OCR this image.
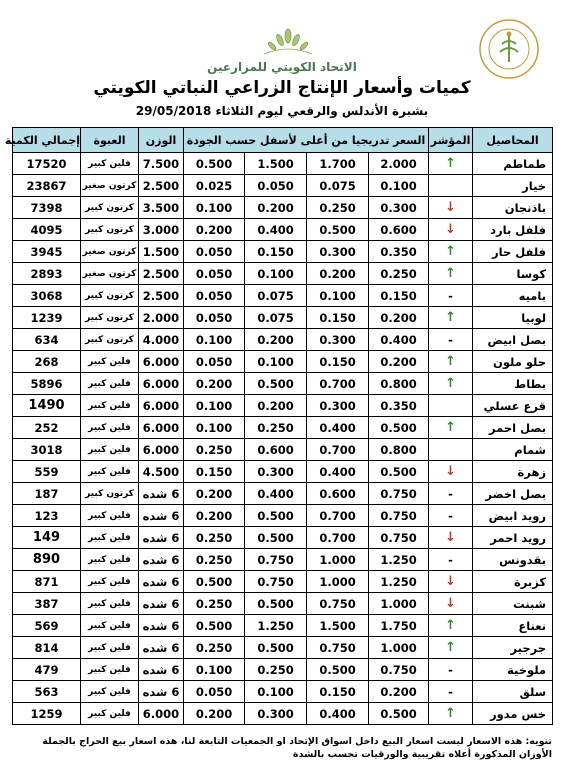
الاتحاد الكويتي للمزارعين
كميات وأسعار الإنتاج الزراعي النباتي الكويتي
بشبرة الأندلس والرقعي ليوم الثلاثاء 29/05/2018
المحاصيل	المؤشر	السعر تدريجيا من أعلى لأسفل حسب الجودة				الوزن	العبوة	إجمالي الكمية
طماطم	↑	2.000	1.700	1.500	0.500	7.500	فلين كبير	17520
خيار		0.100	0.075	0.050	0.025	2.500	كرتون صغير	23867
باذنجان	↓	0.300	0.250	0.200	0.100	3.500	كرتون كبير	7398
فلفل بارد	↓	0.600	0.500	0.400	0.200	3.000	كرتون كبير	4095
فلفل حار	↑	0.350	0.300	0.150	0.050	1.500	كرتون صغير	3945
كوسا	↑	0.250	0.200	0.100	0.050	2.500	كرتون صغير	2893
باميه	-	0.150	0.100	0.075	0.050	2.500	كرتون كبير	3068
لوبيا	↑	0.200	0.150	0.075	0.050	2.000	كرتون كبير	1239
بصل ابيض	-	0.400	0.300	0.200	0.100	4.000	كرتون كبير	634
حلو ملون	↑	0.200	0.150	0.100	0.050	6.000	فلين كبير	268
بطاط	↑	0.800	0.700	0.500	0.200	6.000	فلين كبير	5896
قرع عسلي		0.350	0.300	0.200	0.100	6.000	فلين كبير	1490
بصل احمر	↑	0.500	0.400	0.250	0.100	6.000	فلين كبير	252
شمام		0.800	0.700	0.600	0.250	6.000	فلين كبير	3018
زهرة	↓	0.500	0.400	0.300	0.150	4.500	فلين كبير	559
بصل اخضر	-	0.750	0.600	0.400	0.200	6 شده	كرتون كبير	187
رويد ابيض	-	0.750	0.700	0.500	0.200	6 شده	فلين كبير	123
رويد احمر	↓	0.750	0.700	0.500	0.250	6 شده	فلين كبير	149
بقدونس	-	1.250	1.000	0.750	0.250	6 شده	فلين كبير	890
كزبرة	↓	1.250	1.000	0.750	0.500	6 شده	فلين كبير	871
شبنت	↓	1.000	0.750	0.500	0.250	6 شده	فلين كبير	387
نعناع	↑	1.750	1.500	1.250	0.500	6 شده	فلين كبير	569
جرجير	↑	1.000	0.750	0.500	0.250	6 شده	فلين كبير	814
ملوخية	-	0.750	0.500	0.250	0.100	6 شده	فلين كبير	479
سلق	-	0.200	0.150	0.100	0.050	6 شده	فلين كبير	563
خس مدور	↑	0.500	0.400	0.300	0.200	6.000	فلين كبير	1259
تنويه: هذه الاسعار ليست اسعار البيع داخل اسواق الإتحاد او الجمعيات التابعة لنا، هذه اسعار بيع الحراج بالجملة
الأوزان المذكورة أعلاه تقريبية والورقيات تحسب بالشدة
